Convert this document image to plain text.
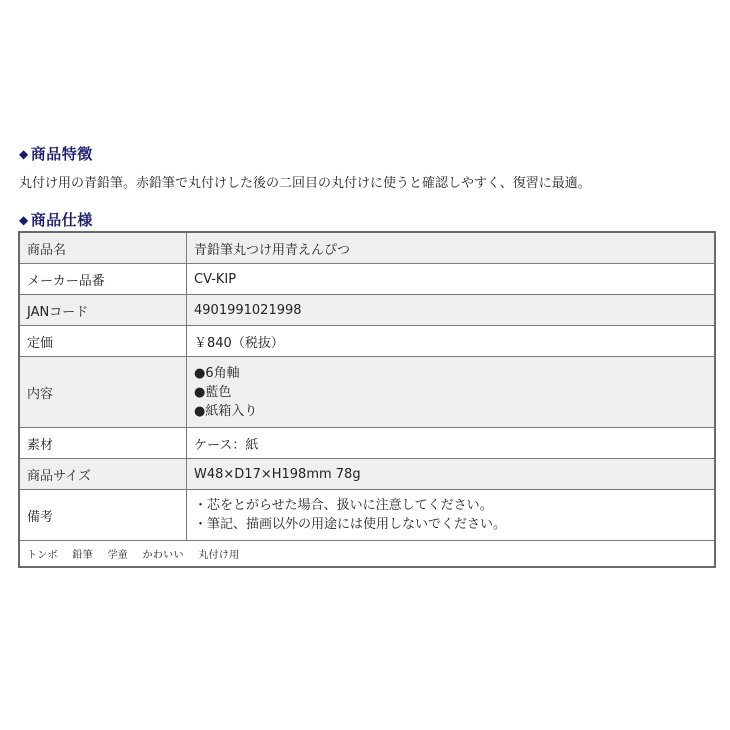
◆ 商品特徴
丸付け用の青鉛筆。赤鉛筆で丸付けした後の二回目の丸付けに使うと確認しやすく、復習に最適。
◆ 商品仕様
商品名	青鉛筆丸つけ用青えんぴつ
メーカー品番	CV-KIP
JANコード	4901991021998
定価	￥840（税抜）
内容	●6角軸
●藍色
●紙箱入り

素材	ケース：紙
商品サイズ	W48×D17×H198mm 78g
備考	・芯をとがらせた場合、扱いに注意してください。
・筆記、描画以外の用途には使用しないでください。

トンボ 鉛筆 学童 かわいい 丸付け用	
